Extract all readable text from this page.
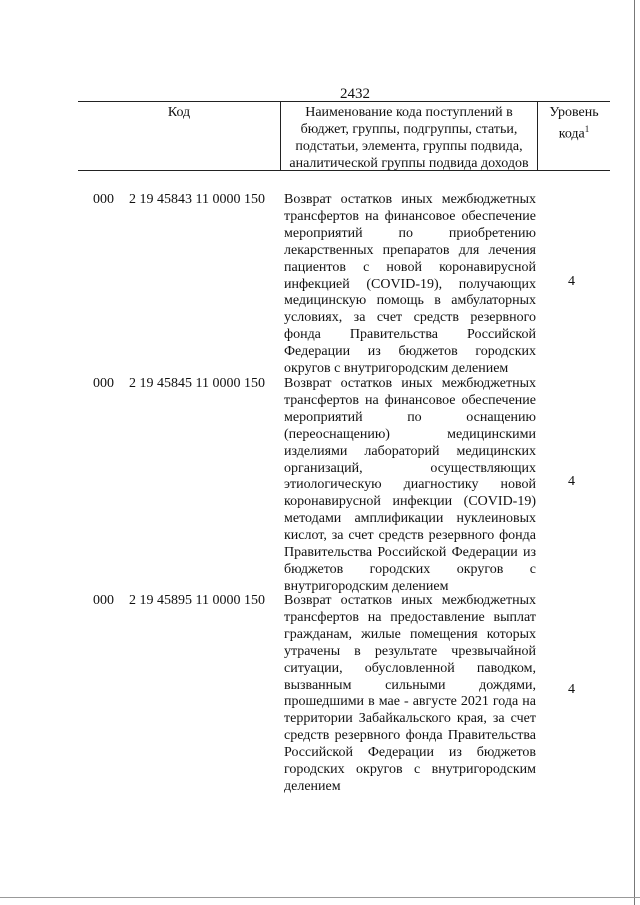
2432
Код	Наименование кода поступлений в бюджет, группы, подгруппы, статьи, подстатьи, элемента, группы подвида, аналитической группы подвида доходов
Уровень кода$^1$
000 2 19 45843 11 0000 150 Возврат остатков иных межбюджетных трансфертов на финансовое обеспечение мероприятий по приобретению лекарственных препаратов для лечения пациентов с новой коронавирусной инфекцией (COVID-19), получающих медицинскую помощь в амбулаторных условиях, за счет средств резервного фонда Правительства Российской Федерации из бюджетов городских округов с внутригородским делением
4
000 2 19 45845 11 0000 150 Возврат остатков иных межбюджетных трансфертов на финансовое обеспечение мероприятий по оснащению (переоснащению) медицинскими изделиями лабораторий медицинских организаций, осуществляющих этиологическую диагностику новой коронавирусной инфекции (COVID-19) методами амплификации нуклеиновых кислот, за счет средств резервного фонда Правительства Российской Федерации из бюджетов городских округов с внутригородским делением
4
000 2 19 45895 11 0000 150 Возврат остатков иных межбюджетных трансфертов на предоставление выплат гражданам, жилые помещения которых утрачены в результате чрезвычайной ситуации, обусловленной паводком, вызванным сильными дождями, прошедшими в мае - августе 2021 года на территории Забайкальского края, за счет средств резервного фонда Правительства Российской Федерации из бюджетов городских округов с внутригородским делением
4
